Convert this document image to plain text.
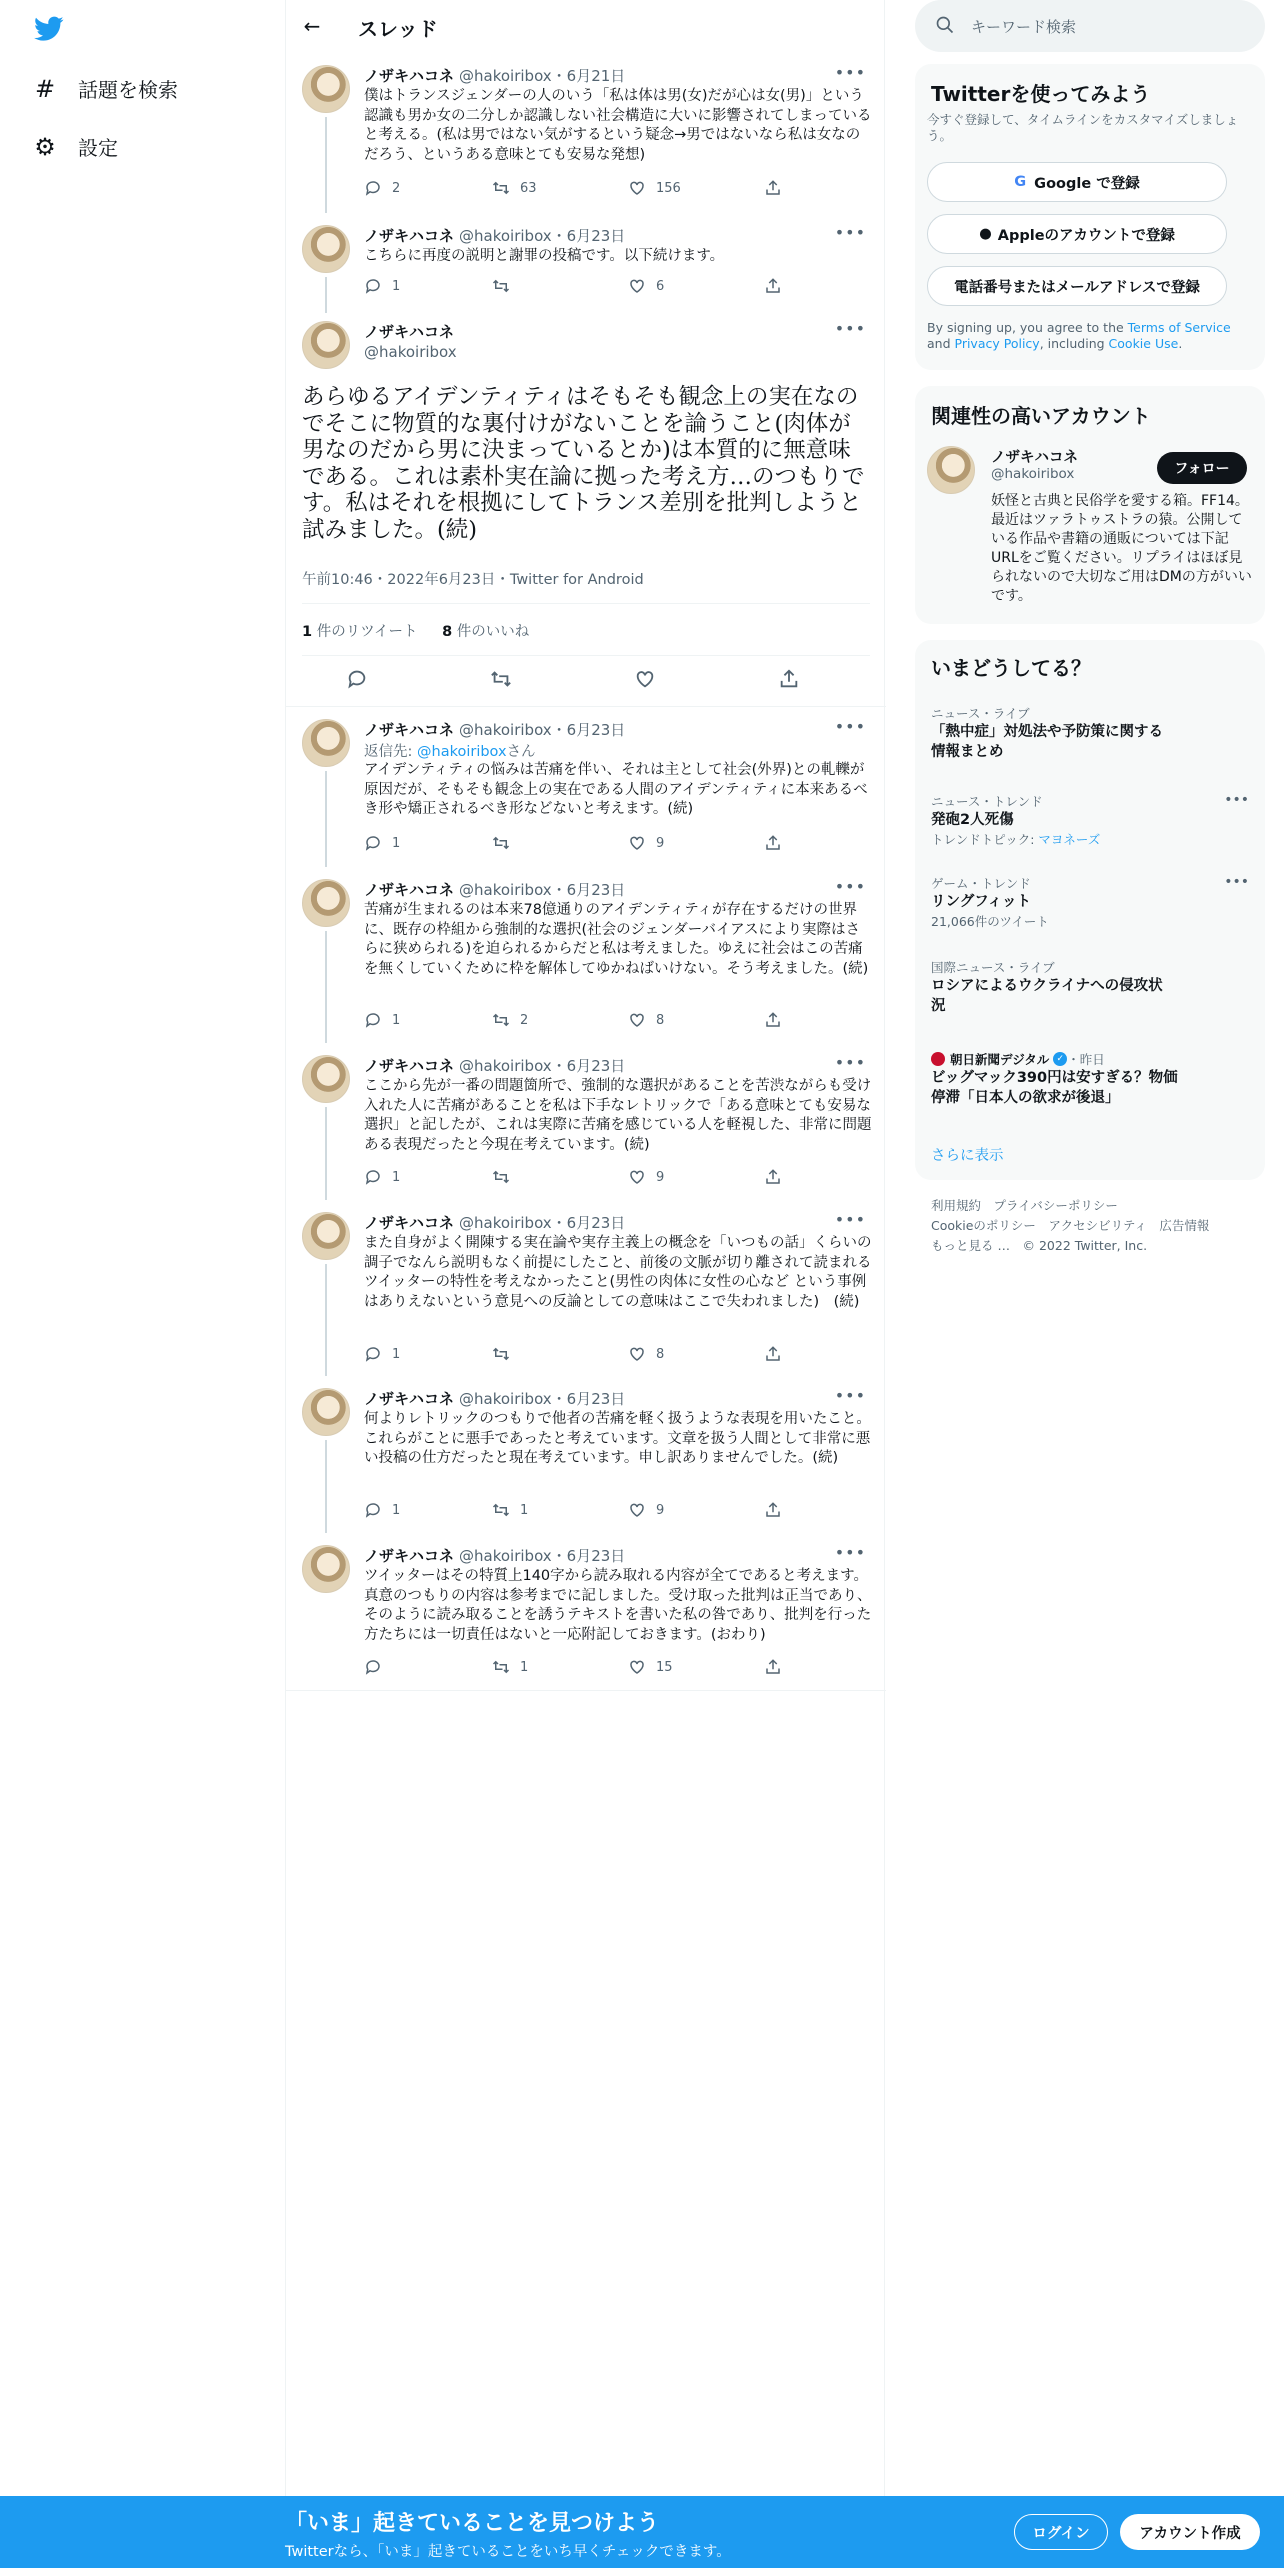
# 話題を検索
⚙ 設定
← スレッド
ノザキハコネ @hakoiribox・6月21日	•••
僕はトランスジェンダーの人のいう「私は体は男(女)だが心は女(男)」という認識も男か女の二分しか認識しない社会構造に大いに影響されてしまっていると考える。(私は男ではない気がするという疑念→男ではないなら私は女なのだろう、というある意味とても安易な発想)
2	63	156
ノザキハコネ @hakoiribox・6月23日	•••
こちらに再度の説明と謝罪の投稿です。以下続けます。
1	6
ノザキハコネ
@hakoiribox
•••
あらゆるアイデンティティはそもそも観念上の実在なのでそこに物質的な裏付けがないことを論うこと(肉体が男なのだから男に決まっているとか)は本質的に無意味である。これは素朴実在論に拠った考え方…のつもりです。私はそれを根拠にしてトランス差別を批判しようと試みました。(続)
午前10:46・2022年6月23日・Twitter for Android
1 件のリツイート 8 件のいいね
ノザキハコネ @hakoiribox・6月23日	•••
返信先: @hakoiriboxさん
アイデンティティの悩みは苦痛を伴い、それは主として社会(外界)との軋轢が原因だが、そもそも観念上の実在である人間のアイデンティティに本来あるべき形や矯正されるべき形などないと考えます。(続)
1	9
ノザキハコネ @hakoiribox・6月23日	•••
苦痛が生まれるのは本来78億通りのアイデンティティが存在するだけの世界に、既存の枠組から強制的な選択(社会のジェンダーバイアスにより実際はさらに狭められる)を迫られるからだと私は考えました。ゆえに社会はこの苦痛を無くしていくために枠を解体してゆかねばいけない。そう考えました。(続)
1	2	8
ノザキハコネ @hakoiribox・6月23日	•••
ここから先が一番の問題箇所で、強制的な選択があることを苦渋ながらも受け入れた人に苦痛があることを私は下手なレトリックで「ある意味とても安易な選択」と記したが、これは実際に苦痛を感じている人を軽視した、非常に問題ある表現だったと今現在考えています。(続)
1	9
ノザキハコネ @hakoiribox・6月23日	•••
また自身がよく開陳する実在論や実存主義上の概念を「いつもの話」くらいの調子でなんら説明もなく前提にしたこと、前後の文脈が切り離されて読まれるツイッターの特性を考えなかったこと(男性の肉体に女性の心など という事例はありえないという意見への反論としての意味はここで失われました)　(続)
1	8
ノザキハコネ @hakoiribox・6月23日	•••
何よりレトリックのつもりで他者の苦痛を軽く扱うような表現を用いたこと。これらがことに悪手であったと考えています。文章を扱う人間として非常に悪い投稿の仕方だったと現在考えています。申し訳ありませんでした。(続)
1	1	9
ノザキハコネ @hakoiribox・6月23日	•••
ツイッターはその特質上140字から読み取れる内容が全てであると考えます。真意のつもりの内容は参考までに記しました。受け取った批判は正当であり、そのように読み取ることを誘うテキストを書いた私の咎であり、批判を行った方たちには一切責任はないと一応附記しておきます。(おわり)
1	15
キーワード検索
Twitterを使ってみよう
今すぐ登録して、タイムラインをカスタマイズしましょう。
G Google で登録
● Appleのアカウントで登録
電話番号またはメールアドレスで登録
By signing up, you agree to the Terms of Service and Privacy Policy, including Cookie Use.
関連性の高いアカウント
ノザキハコネ
@hakoiribox	フォロー
妖怪と古典と民俗学を愛する箱。FF14。最近はツァラトゥストラの猿。公開している作品や書籍の通販については下記URLをご覧ください。リプライはほぼ見られないので大切なご用はDMの方がいいです。
いまどうしてる？
ニュース・ライブ
「熱中症」対処法や予防策に関する情報まとめ
ニュース・トレンド
発砲2人死傷
トレンドトピック: マヨネーズ
•••
ゲーム・トレンド
リングフィット
21,066件のツイート
•••
国際ニュース・ライブ
ロシアによるウクライナへの侵攻状況
朝日新聞デジタル ✓ ・昨日
ビッグマック390円は安すぎる？物価停滞「日本人の欲求が後退」
さらに表示
利用規約　 プライバシーポリシー
Cookieのポリシー　 アクセシビリティ　 広告情報
もっと見る …　 © 2022 Twitter, Inc.
「いま」起きていることを見つけよう
Twitterなら、「いま」起きていることをいち早くチェックできます。
ログイン	アカウント作成
